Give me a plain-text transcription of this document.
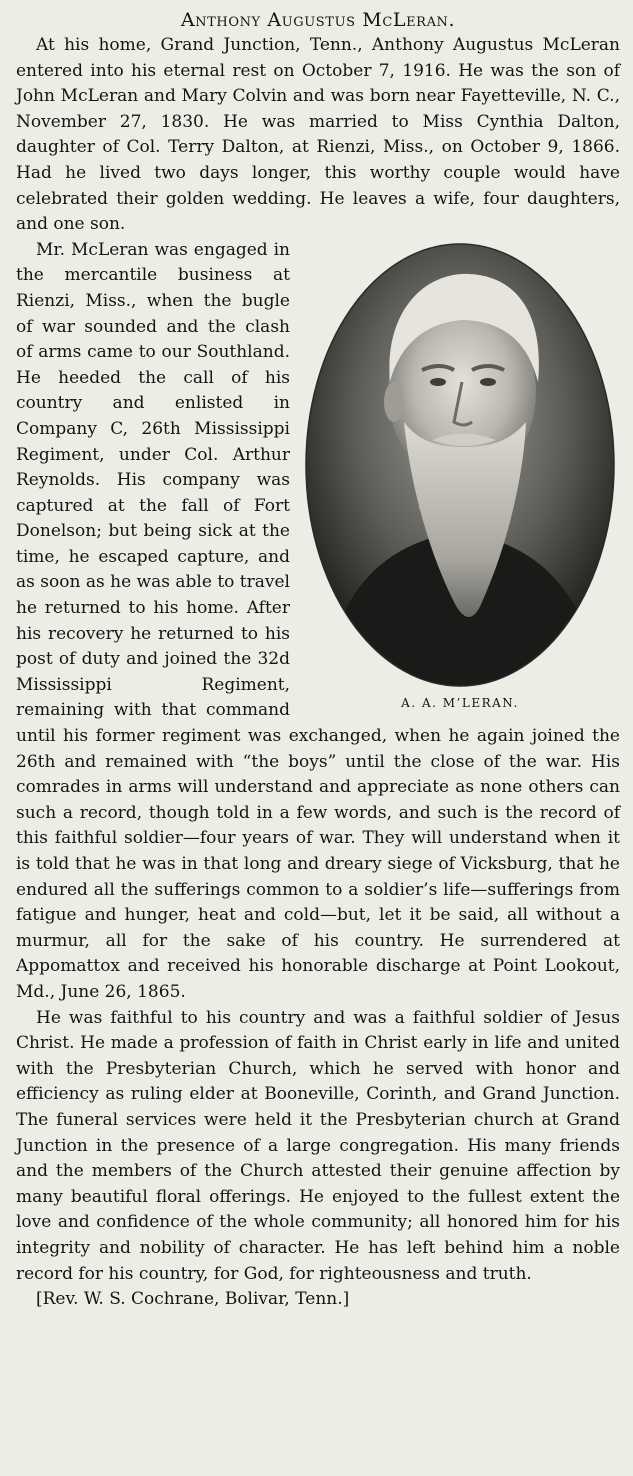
Anthony Augustus McLeran.

At his home, Grand Junction, Tenn., Anthony Augustus McLeran entered into his eternal rest on October 7, 1916. He was the son of John McLeran and Mary Colvin and was born near Fayetteville, N. C., November 27, 1830. He was married to Miss Cynthia Dalton, daughter of Col. Terry Dalton, at Rienzi, Miss., on October 9, 1866. Had he lived two days longer, this worthy couple would have celebrated their golden wedding. He leaves a wife, four daughters, and one son.

A. A. M’LERAN.

Mr. McLeran was engaged in the mercantile business at Rienzi, Miss., when the bugle of war sounded and the clash of arms came to our Southland. He heeded the call of his country and enlisted in Company C, 26th Mississippi Regiment, under Col. Arthur Reynolds. His company was captured at the fall of Fort Donelson; but being sick at the time, he escaped capture, and as soon as he was able to travel he returned to his home. After his recovery he returned to his post of duty and joined the 32d Mississippi Regiment, remaining with that command until his former regiment was exchanged, when he again joined the 26th and remained with “the boys” until the close of the war. His comrades in arms will understand and appreciate as none others can such a record, though told in a few words, and such is the record of this faithful soldier—four years of war. They will understand when it is told that he was in that long and dreary siege of Vicksburg, that he endured all the sufferings common to a soldier’s life—sufferings from fatigue and hunger, heat and cold—but, let it be said, all without a murmur, all for the sake of his country. He surrendered at Appomattox and received his honorable discharge at Point Lookout, Md., June 26, 1865.

He was faithful to his country and was a faithful soldier of Jesus Christ. He made a profession of faith in Christ early in life and united with the Presbyterian Church, which he served with honor and efficiency as ruling elder at Booneville, Corinth, and Grand Junction. The funeral services were held it the Presbyterian church at Grand Junction in the presence of a large congregation. His many friends and the members of the Church attested their genuine affection by many beautiful floral offerings. He enjoyed to the fullest extent the love and confidence of the whole community; all honored him for his integrity and nobility of character. He has left behind him a noble record for his country, for God, for righteousness and truth.

[Rev. W. S. Cochrane, Bolivar, Tenn.]
